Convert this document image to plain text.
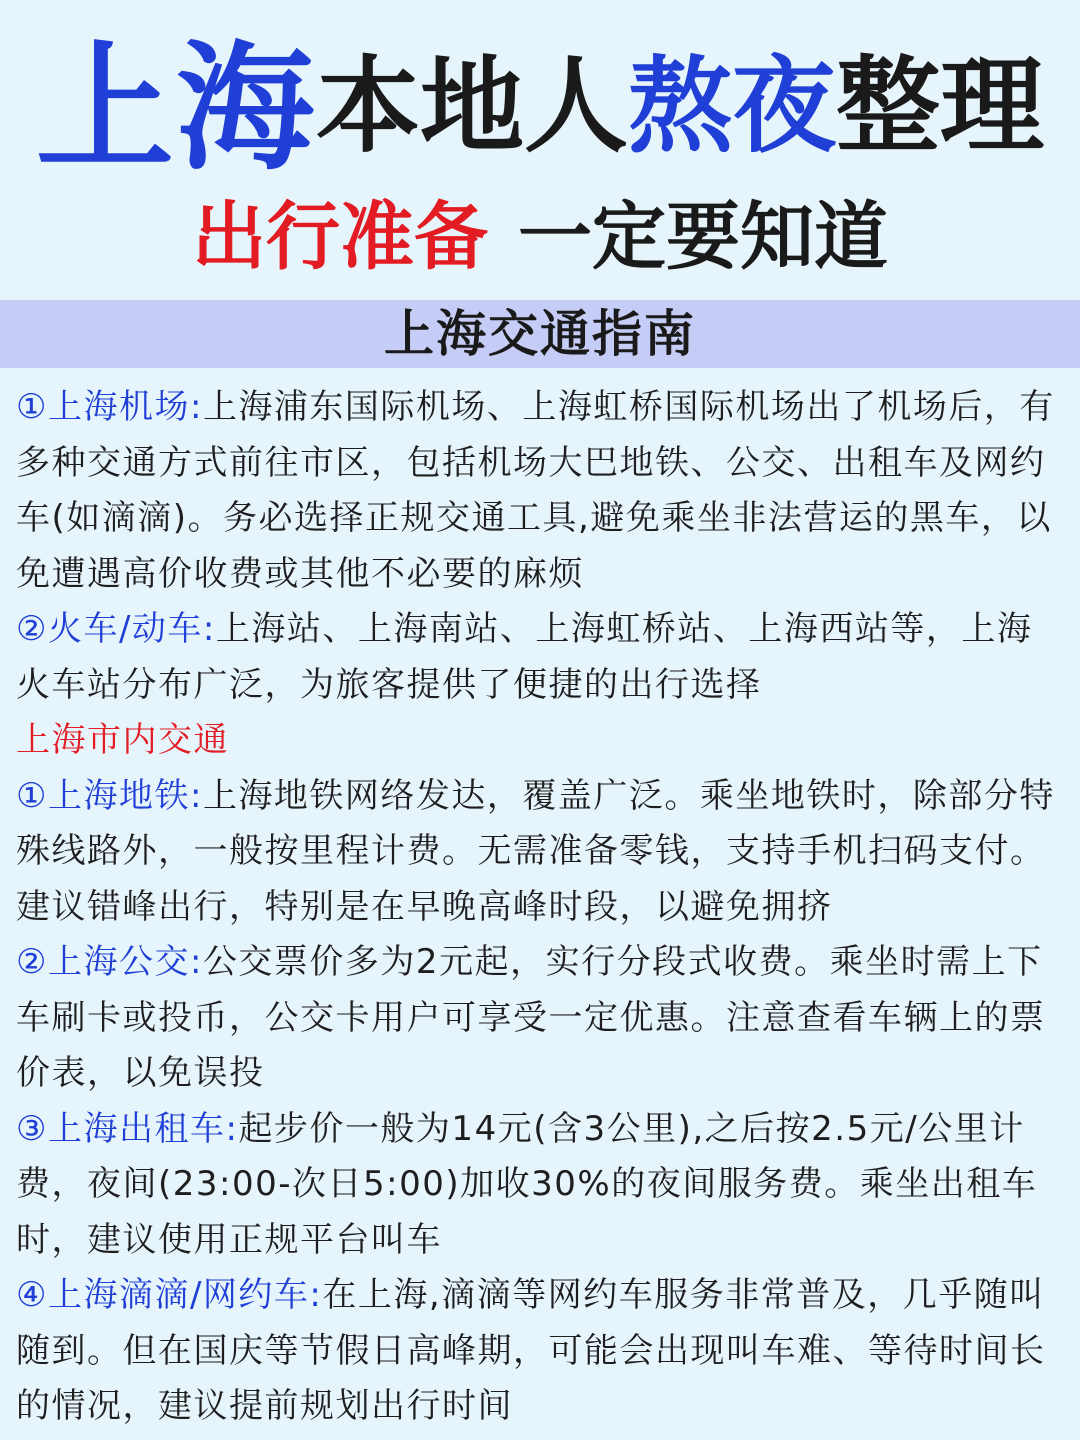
上海 本地人 熬夜 整理
出行准备 一定要知道
上海交通指南

①上海机场:上海浦东国际机场、上海虹桥国际机场出了机场后，有多种交通方式前往市区，包括机场大巴地铁、公交、出租车及网约车(如滴滴)。务必选择正规交通工具,避免乘坐非法营运的黑车，以免遭遇高价收费或其他不必要的麻烦

②火车/动车:上海站、上海南站、上海虹桥站、上海西站等，上海火车站分布广泛，为旅客提供了便捷的出行选择

上海市内交通

①上海地铁:上海地铁网络发达，覆盖广泛。乘坐地铁时，除部分特殊线路外，一般按里程计费。无需准备零钱，支持手机扫码支付。建议错峰出行，特别是在早晚高峰时段，以避免拥挤

②上海公交:公交票价多为2元起，实行分段式收费。乘坐时需上下车刷卡或投币，公交卡用户可享受一定优惠。注意查看车辆上的票价表，以免误投

③上海出租车:起步价一般为14元(含3公里),之后按2.5元/公里计费，夜间(23:00-次日5:00)加收30%的夜间服务费。乘坐出租车时，建议使用正规平台叫车

④上海滴滴/网约车:在上海,滴滴等网约车服务非常普及，几乎随叫随到。但在国庆等节假日高峰期，可能会出现叫车难、等待时间长的情况，建议提前规划出行时间
